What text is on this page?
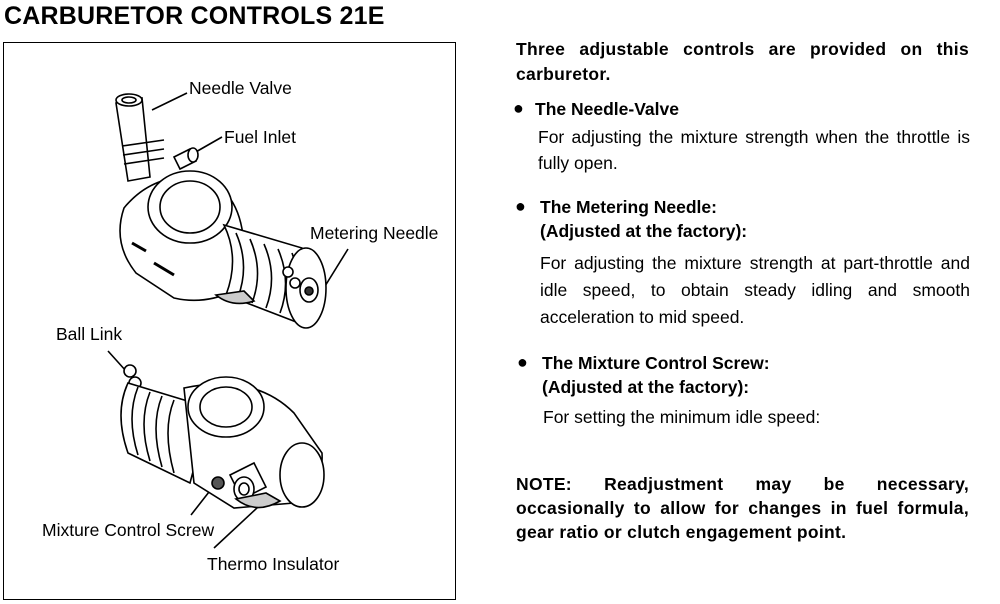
CARBURETOR CONTROLS 21E
Needle Valve
Fuel Inlet
Metering Needle
Ball Link
Mixture Control Screw
Thermo Insulator
Three adjustable controls are provided on this carburetor.
● The Needle-Valve
For adjusting the mixture strength when the throttle is fully open.
● The Metering Needle:
(Adjusted at the factory):
For adjusting the mixture strength at part-throttle and idle speed, to obtain steady idling and smooth acceleration to mid speed.
● The Mixture Control Screw:
(Adjusted at the factory):
For setting the minimum idle speed:
NOTE: Readjustment may be necessary, occasionally to allow for changes in fuel formula, gear ratio or clutch engagement point.
